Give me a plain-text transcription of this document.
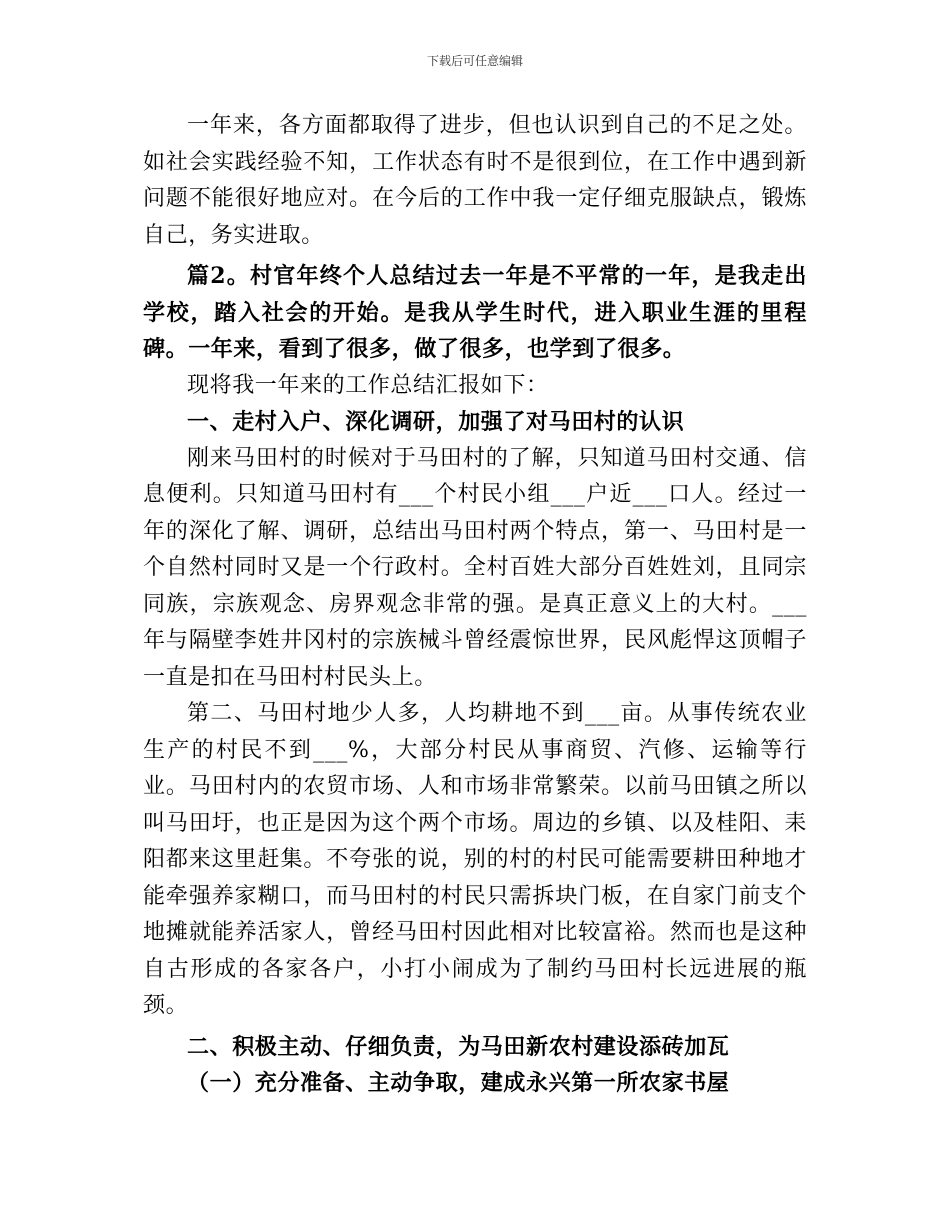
下载后可任意编辑

一年来，各方面都取得了进步，但也认识到自己的不足之处。如社会实践经验不知，工作状态有时不是很到位，在工作中遇到新问题不能很好地应对。在今后的工作中我一定仔细克服缺点，锻炼自己，务实进取。

篇2。村官年终个人总结过去一年是不平常的一年，是我走出学校，踏入社会的开始。是我从学生时代，进入职业生涯的里程碑。一年来，看到了很多，做了很多，也学到了很多。

现将我一年来的工作总结汇报如下：

一、走村入户、深化调研，加强了对马田村的认识

刚来马田村的时候对于马田村的了解，只知道马田村交通、信息便利。只知道马田村有___个村民小组___户近___口人。经过一年的深化了解、调研，总结出马田村两个特点，第一、马田村是一个自然村同时又是一个行政村。全村百姓大部分百姓姓刘，且同宗同族，宗族观念、房界观念非常的强。是真正意义上的大村。___年与隔壁李姓井冈村的宗族械斗曾经震惊世界，民风彪悍这顶帽子一直是扣在马田村村民头上。

第二、马田村地少人多，人均耕地不到___亩。从事传统农业生产的村民不到___%，大部分村民从事商贸、汽修、运输等行业。马田村内的农贸市场、人和市场非常繁荣。以前马田镇之所以叫马田圩，也正是因为这个两个市场。周边的乡镇、以及桂阳、耒阳都来这里赶集。不夸张的说，别的村的村民可能需要耕田种地才能牵强养家糊口，而马田村的村民只需拆块门板，在自家门前支个地摊就能养活家人，曾经马田村因此相对比较富裕。然而也是这种自古形成的各家各户，小打小闹成为了制约马田村长远进展的瓶颈。

二、积极主动、仔细负责，为马田新农村建设添砖加瓦

（一）充分准备、主动争取，建成永兴第一所农家书屋
